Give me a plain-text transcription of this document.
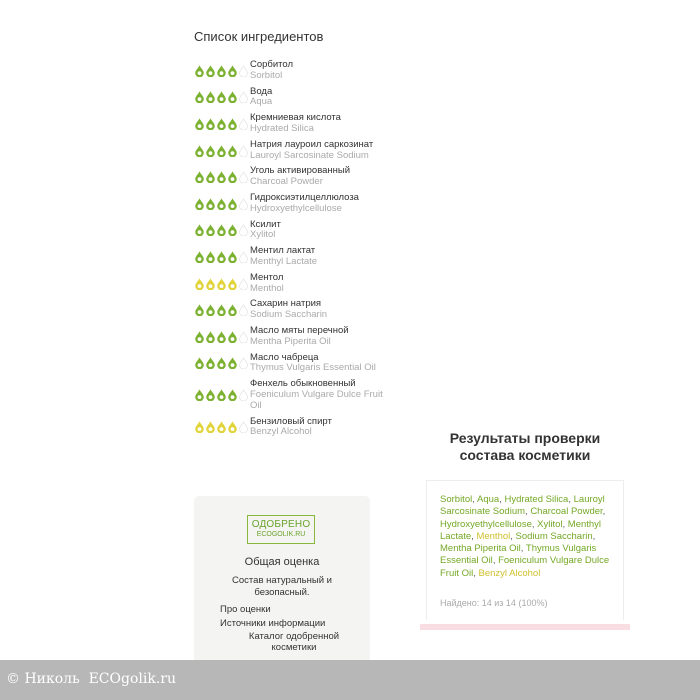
Список ингредиентов
Сорбитол
Sorbitol
Вода
Aqua
Кремниевая кислота
Hydrated Silica
Натрия лауроил саркозинат
Lauroyl Sarcosinate Sodium
Уголь активированный
Charcoal Powder
Гидроксиэтилцеллюлоза
Hydroxyethylcellulose
Ксилит
Xylitol
Ментил лактат
Menthyl Lactate
Ментол
Menthol
Сахарин натрия
Sodium Saccharin
Масло мяты перечной
Mentha Piperita Oil
Масло чабреца
Thymus Vulgaris Essential Oil
Фенхель обыкновенный
Foeniculum Vulgare Dulce Fruit Oil
Бензиловый спирт
Benzyl Alcohol
ОДОБРЕНО
ECOGOLIK.RU
Общая оценка
Состав натуральный и безопасный.
Про оценки
Источники информации
Каталог одобренной косметики
Результаты проверки состава косметики
Sorbitol, Aqua, Hydrated Silica, Lauroyl Sarcosinate Sodium, Charcoal Powder, Hydroxyethylcellulose, Xylitol, Menthyl Lactate, Menthol, Sodium Saccharin, Mentha Piperita Oil, Thymus Vulgaris Essential Oil, Foeniculum Vulgare Dulce Fruit Oil, Benzyl Alcohol
Найдено: 14 из 14 (100%)
© Николь  ECOgolik.ru
